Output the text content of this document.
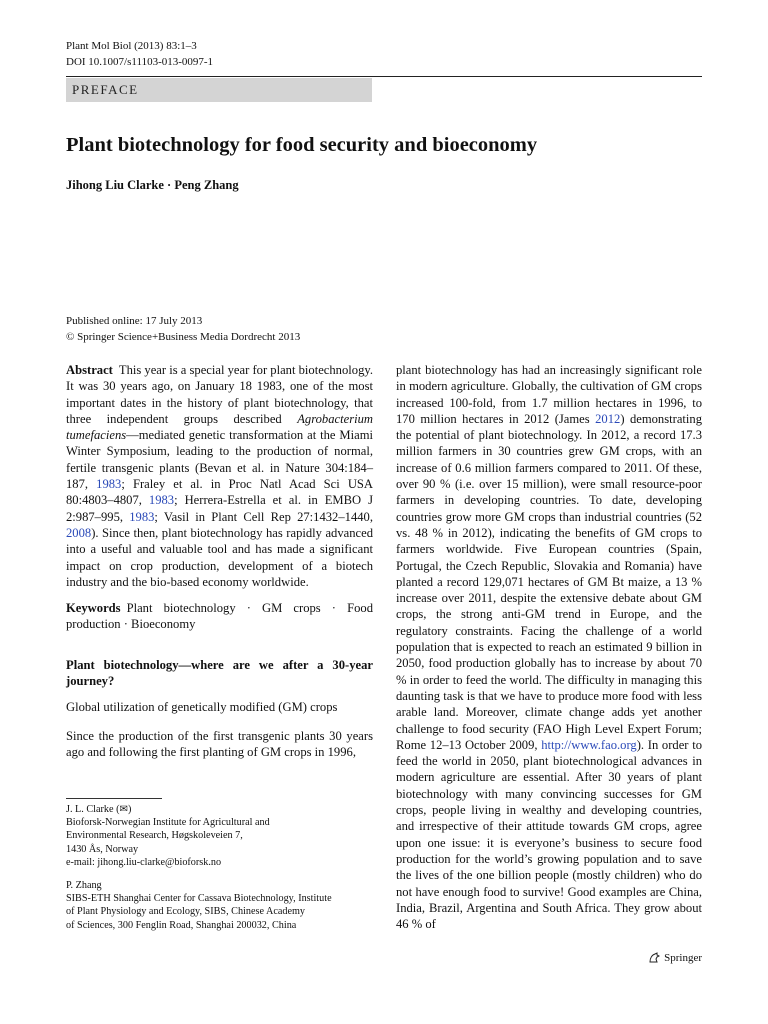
Plant Mol Biol (2013) 83:1–3
DOI 10.1007/s11103-013-0097-1
PREFACE
Plant biotechnology for food security and bioeconomy
Jihong Liu Clarke · Peng Zhang
Published online: 17 July 2013
© Springer Science+Business Media Dordrecht 2013

Abstract This year is a special year for plant biotechnology. It was 30 years ago, on January 18 1983, one of the most important dates in the history of plant biotechnology, that three independent groups described Agrobacterium tumefaciens—mediated genetic transformation at the Miami Winter Symposium, leading to the production of normal, fertile transgenic plants (Bevan et al. in Nature 304:184–187, 1983; Fraley et al. in Proc Natl Acad Sci USA 80:4803–4807, 1983; Herrera-Estrella et al. in EMBO J 2:987–995, 1983; Vasil in Plant Cell Rep 27:1432–1440, 2008). Since then, plant biotechnology has rapidly advanced into a useful and valuable tool and has made a significant impact on crop production, development of a biotech industry and the bio-based economy worldwide.

Keywords Plant biotechnology · GM crops · Food production · Bioeconomy

Plant biotechnology—where are we after a 30-year journey?

Global utilization of genetically modified (GM) crops

Since the production of the first transgenic plants 30 years ago and following the first planting of GM crops in 1996,

plant biotechnology has had an increasingly significant role in modern agriculture. Globally, the cultivation of GM crops increased 100-fold, from 1.7 million hectares in 1996, to 170 million hectares in 2012 (James 2012) demonstrating the potential of plant biotechnology. In 2012, a record 17.3 million farmers in 30 countries grew GM crops, with an increase of 0.6 million farmers compared to 2011. Of these, over 90 % (i.e. over 15 million), were small resource-poor farmers in developing countries. To date, developing countries grow more GM crops than industrial countries (52 vs. 48 % in 2012), indicating the benefits of GM crops to farmers worldwide. Five European countries (Spain, Portugal, the Czech Republic, Slovakia and Romania) have planted a record 129,071 hectares of GM Bt maize, a 13 % increase over 2011, despite the extensive debate about GM crops, the strong anti-GM trend in Europe, and the regulatory constraints. Facing the challenge of a world population that is expected to reach an estimated 9 billion in 2050, food production globally has to increase by about 70 % in order to feed the world. The difficulty in managing this daunting task is that we have to produce more food with less arable land. Moreover, climate change adds yet another challenge to food security (FAO High Level Expert Forum; Rome 12–13 October 2009, http://www.fao.org). In order to feed the world in 2050, plant biotechnological advances in modern agriculture are essential. After 30 years of plant biotechnology with many convincing successes for GM crops, people living in wealthy and developing countries, and irrespective of their attitude towards GM crops, agree upon one issue: it is everyone’s business to secure food production for the world’s growing population and to save the lives of the one billion people (mostly children) who do not have enough food to survive! Good examples are China, India, Brazil, Argentina and South Africa. They grow about 46 % of

J. L. Clarke (✉)
Bioforsk-Norwegian Institute for Agricultural and
Environmental Research, Høgskoleveien 7,
1430 Ås, Norway
e-mail: jihong.liu-clarke@bioforsk.no
P. Zhang
SIBS-ETH Shanghai Center for Cassava Biotechnology, Institute
of Plant Physiology and Ecology, SIBS, Chinese Academy
of Sciences, 300 Fenglin Road, Shanghai 200032, China
Springer
